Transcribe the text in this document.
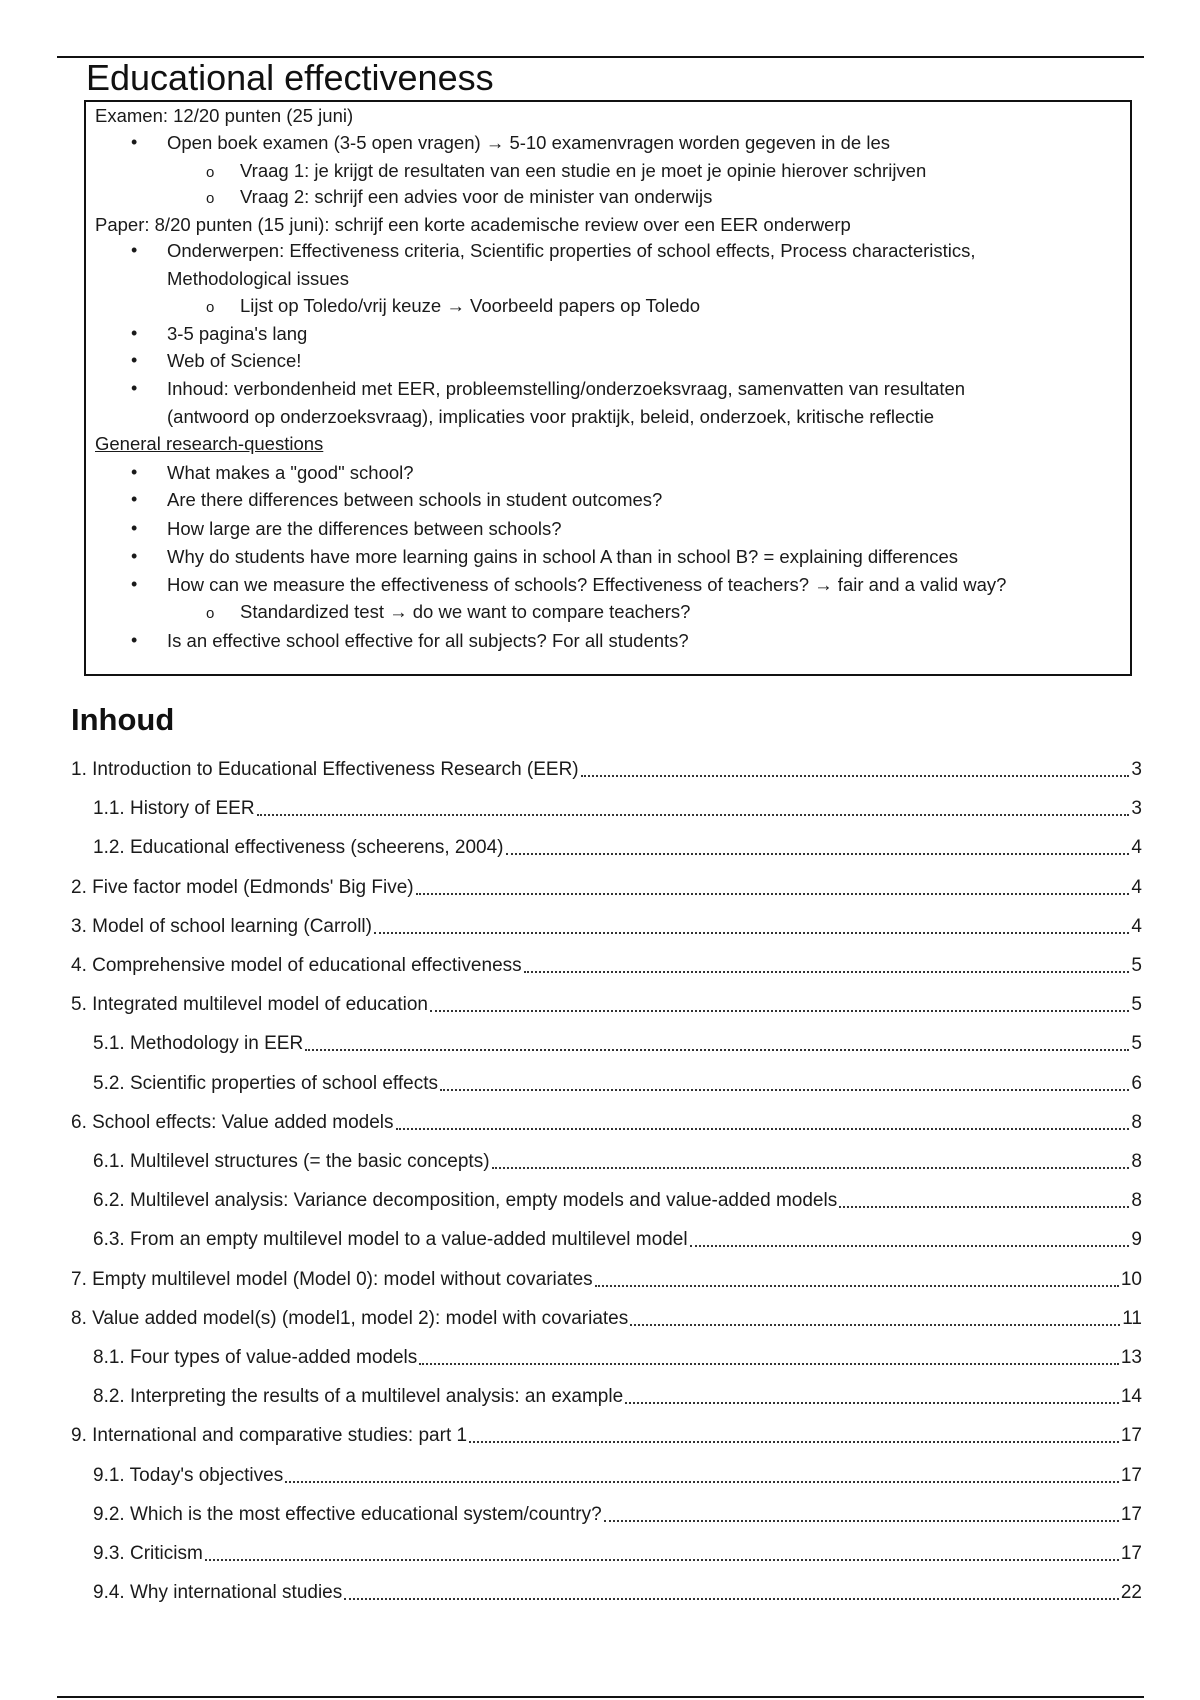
Educational effectiveness
Examen: 12/20 punten (25 juni)
• Open boek examen (3-5 open vragen) → 5-10 examenvragen worden gegeven in de les
o Vraag 1: je krijgt de resultaten van een studie en je moet je opinie hierover schrijven
o Vraag 2: schrijf een advies voor de minister van onderwijs
Paper: 8/20 punten (15 juni): schrijf een korte academische review over een EER onderwerp
• Onderwerpen: Effectiveness criteria, Scientific properties of school effects, Process characteristics,
Methodological issues
o Lijst op Toledo/vrij keuze → Voorbeeld papers op Toledo
• 3-5 pagina's lang
• Web of Science!
• Inhoud: verbondenheid met EER, probleemstelling/onderzoeksvraag, samenvatten van resultaten
(antwoord op onderzoeksvraag), implicaties voor praktijk, beleid, onderzoek, kritische reflectie
General research-questions
• What makes a "good" school?
• Are there differences between schools in student outcomes?
• How large are the differences between schools?
• Why do students have more learning gains in school A than in school B? = explaining differences
• How can we measure the effectiveness of schools? Effectiveness of teachers? → fair and a valid way?
o Standardized test → do we want to compare teachers?
• Is an effective school effective for all subjects? For all students?
Inhoud
1. Introduction to Educational Effectiveness Research (EER)	3
1.1. History of EER	3
1.2. Educational effectiveness (scheerens, 2004)	4
2. Five factor model (Edmonds' Big Five)	4
3. Model of school learning (Carroll)	4
4. Comprehensive model of educational effectiveness	5
5. Integrated multilevel model of education	5
5.1. Methodology in EER	5
5.2. Scientific properties of school effects	6
6. School effects: Value added models	8
6.1. Multilevel structures (= the basic concepts)	8
6.2. Multilevel analysis: Variance decomposition, empty models and value-added models	8
6.3. From an empty multilevel model to a value-added multilevel model	9
7. Empty multilevel model (Model 0): model without covariates	10
8. Value added model(s) (model1, model 2): model with covariates	11
8.1. Four types of value-added models	13
8.2. Interpreting the results of a multilevel analysis: an example	14
9. International and comparative studies: part 1	17
9.1. Today's objectives	17
9.2. Which is the most effective educational system/country?	17
9.3. Criticism	17
9.4. Why international studies	22
